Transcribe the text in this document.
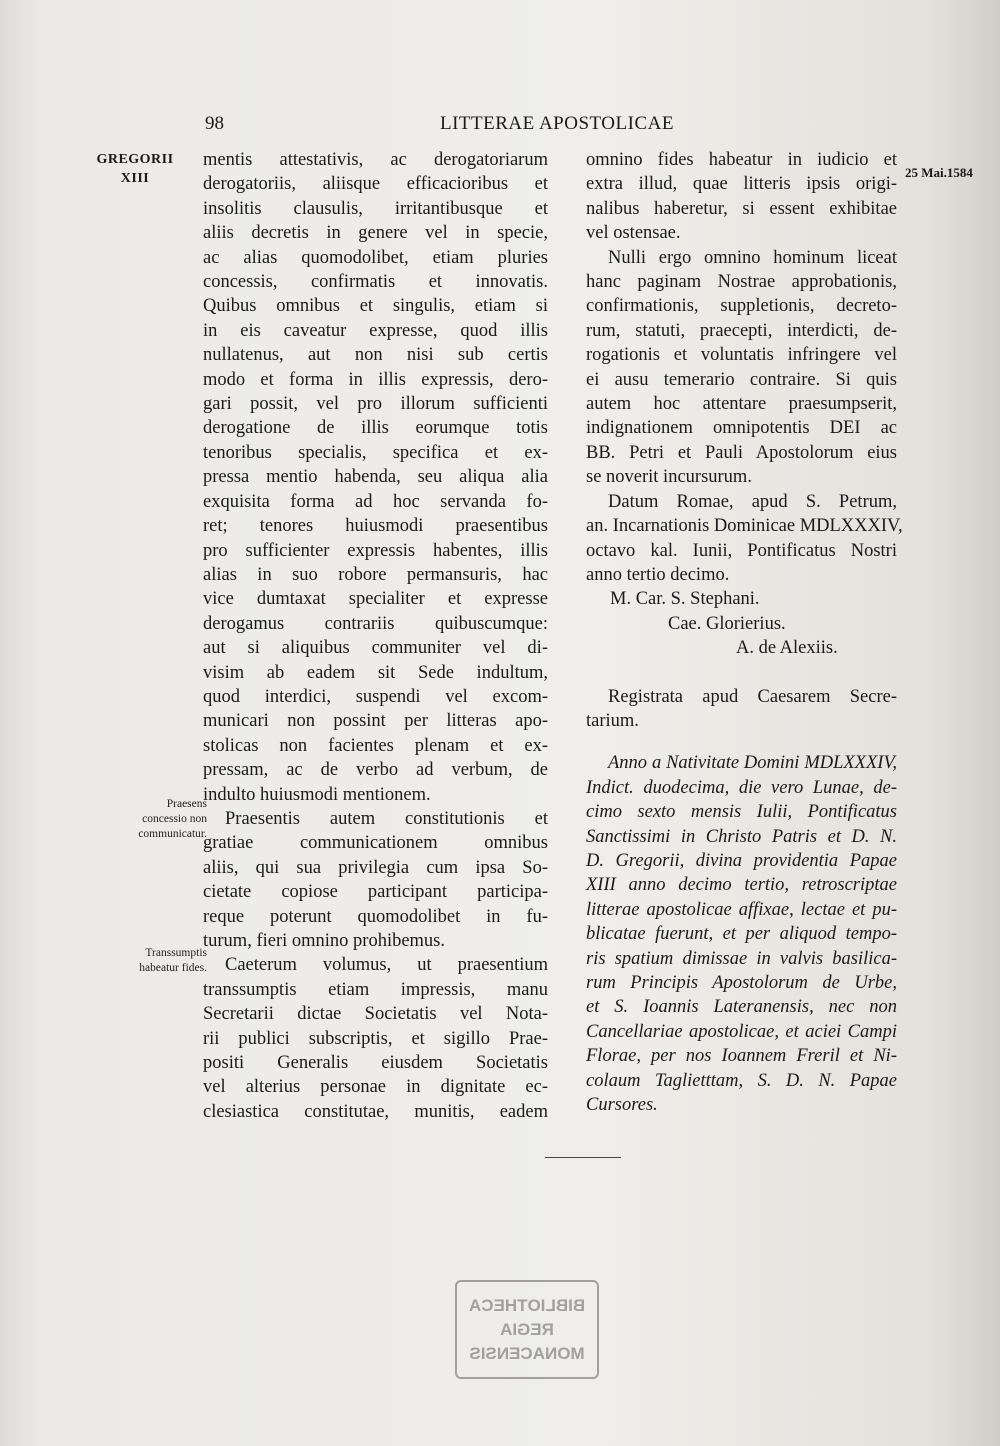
98	LITTERAE APOSTOLICAE
GREGORII
XIII	25 Mai.1584
Praesens
concessio non
communicatur.
Transsumptis
habeatur fides.
mentis attestativis, ac derogatoriarum
derogatoriis, aliisque efficacioribus et
insolitis clausulis, irritantibusque et
aliis decretis in genere vel in specie,
ac alias quomodolibet, etiam pluries
concessis, confirmatis et innovatis.
Quibus omnibus et singulis, etiam si
in eis caveatur expresse, quod illis
nullatenus, aut non nisi sub certis
modo et forma in illis expressis, dero-
gari possit, vel pro illorum sufficienti
derogatione de illis eorumque totis
tenoribus specialis, specifica et ex-
pressa mentio habenda, seu aliqua alia
exquisita forma ad hoc servanda fo-
ret; tenores huiusmodi praesentibus
pro sufficienter expressis habentes, illis
alias in suo robore permansuris, hac
vice dumtaxat specialiter et expresse
derogamus contrariis quibuscumque:
aut si aliquibus communiter vel di-
visim ab eadem sit Sede indultum,
quod interdici, suspendi vel excom-
municari non possint per litteras apo-
stolicas non facientes plenam et ex-
pressam, ac de verbo ad verbum, de
indulto huiusmodi mentionem.
Praesentis autem constitutionis et
gratiae communicationem omnibus
aliis, qui sua privilegia cum ipsa So-
cietate copiose participant participa-
reque poterunt quomodolibet in fu-
turum, fieri omnino prohibemus.
Caeterum volumus, ut praesentium
transsumptis etiam impressis, manu
Secretarii dictae Societatis vel Nota-
rii publici subscriptis, et sigillo Prae-
positi Generalis eiusdem Societatis
vel alterius personae in dignitate ec-
clesiastica constitutae, munitis, eadem
omnino fides habeatur in iudicio et
extra illud, quae litteris ipsis origi-
nalibus haberetur, si essent exhibitae
vel ostensae.
Nulli ergo omnino hominum liceat
hanc paginam Nostrae approbationis,
confirmationis, suppletionis, decreto-
rum, statuti, praecepti, interdicti, de-
rogationis et voluntatis infringere vel
ei ausu temerario contraire. Si quis
autem hoc attentare praesumpserit,
indignationem omnipotentis DEI ac
BB. Petri et Pauli Apostolorum eius
se noverit incursurum.
Datum Romae, apud S. Petrum,
an. Incarnationis Dominicae MDLXXXIV,
octavo kal. Iunii, Pontificatus Nostri
anno tertio decimo.
M. Car. S. Stephani.
Cae. Glorierius.
A. de Alexiis.
Registrata apud Caesarem Secre-
tarium.
Anno a Nativitate Domini MDLXXXIV,
Indict. duodecima, die vero Lunae, de-
cimo sexto mensis Iulii, Pontificatus
Sanctissimi in Christo Patris et D. N.
D. Gregorii, divina providentia Papae
XIII anno decimo tertio, retroscriptae
litterae apostolicae affixae, lectae et pu-
blicatae fuerunt, et per aliquod tempo-
ris spatium dimissae in valvis basilica-
rum Principis Apostolorum de Urbe,
et S. Ioannis Lateranensis, nec non
Cancellariae apostolicae, et aciei Campi
Florae, per nos Ioannem Freril et Ni-
colaum Taglietttam, S. D. N. Papae
Cursores.
BIBLIOTHECA
REGIA
MONACENSIS
